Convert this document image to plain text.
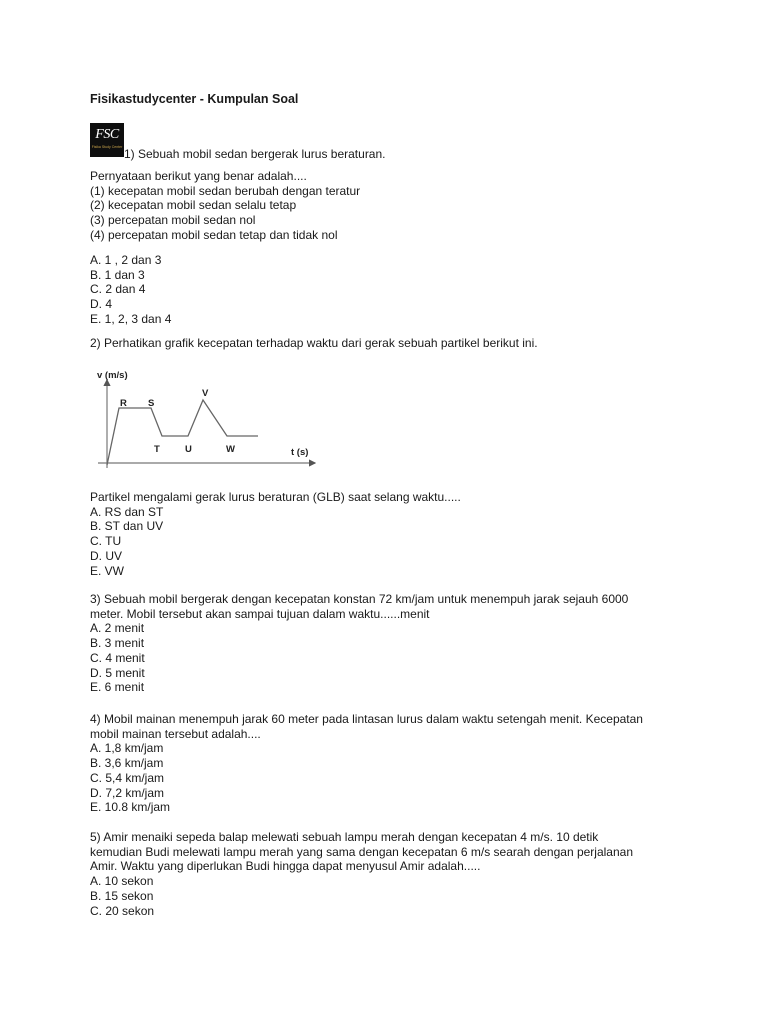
Fisikastudycenter - Kumpulan Soal
FSC
Fisika Study Center 1) Sebuah mobil sedan bergerak lurus beraturan.
Pernyataan berikut yang benar adalah....
(1) kecepatan mobil sedan berubah dengan teratur
(2) kecepatan mobil sedan selalu tetap
(3) percepatan mobil sedan nol
(4) percepatan mobil sedan tetap dan tidak nol
A. 1 , 2 dan 3
B. 1 dan 3
C. 2 dan 4
D. 4
E. 1, 2, 3 dan 4
2) Perhatikan grafik kecepatan terhadap waktu dari gerak sebuah partikel berikut ini.
v (m/s)
t (s)
R S
V
T	U	W
Partikel mengalami gerak lurus beraturan (GLB) saat selang waktu.....
A. RS dan ST
B. ST dan UV
C. TU
D. UV
E. VW
3) Sebuah mobil bergerak dengan kecepatan konstan 72 km/jam untuk menempuh jarak sejauh 6000
meter. Mobil tersebut akan sampai tujuan dalam waktu......menit
A. 2 menit
B. 3 menit
C. 4 menit
D. 5 menit
E. 6 menit
4) Mobil mainan menempuh jarak 60 meter pada lintasan lurus dalam waktu setengah menit. Kecepatan
mobil mainan tersebut adalah....
A. 1,8 km/jam
B. 3,6 km/jam
C. 5,4 km/jam
D. 7,2 km/jam
E. 10.8 km/jam
5) Amir menaiki sepeda balap melewati sebuah lampu merah dengan kecepatan 4 m/s. 10 detik
kemudian Budi melewati lampu merah yang sama dengan kecepatan 6 m/s searah dengan perjalanan
Amir. Waktu yang diperlukan Budi hingga dapat menyusul Amir adalah.....
A. 10 sekon
B. 15 sekon
C. 20 sekon
